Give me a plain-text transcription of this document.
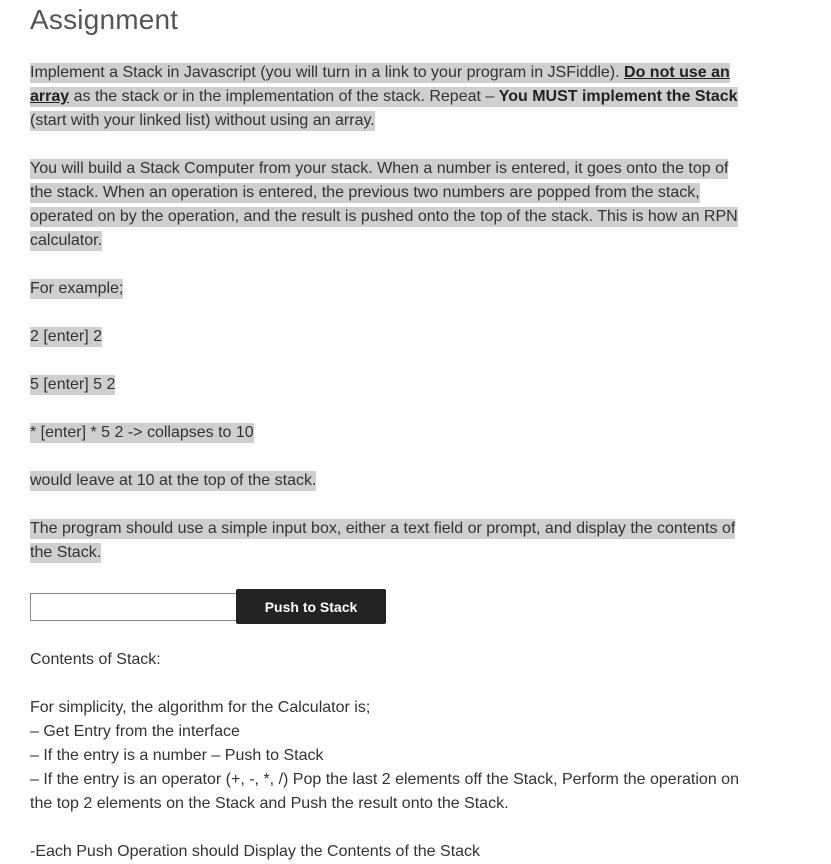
Assignment
Implement a Stack in Javascript (you will turn in a link to your program in JSFiddle). Do not use an
array as the stack or in the implementation of the stack. Repeat – You MUST implement the Stack
(start with your linked list) without using an array.
You will build a Stack Computer from your stack. When a number is entered, it goes onto the top of
the stack. When an operation is entered, the previous two numbers are popped from the stack,
operated on by the operation, and the result is pushed onto the top of the stack. This is how an RPN
calculator.
For example;
2 [enter] 2
5 [enter] 5 2
* [enter] * 5 2 -> collapses to 10
would leave at 10 at the top of the stack.
The program should use a simple input box, either a text field or prompt, and display the contents of
the Stack.
Push to Stack
Contents of Stack:
For simplicity, the algorithm for the Calculator is;
– Get Entry from the interface
– If the entry is a number – Push to Stack
– If the entry is an operator (+, -, *, /) Pop the last 2 elements off the Stack, Perform the operation on
the top 2 elements on the Stack and Push the result onto the Stack.
-Each Push Operation should Display the Contents of the Stack
